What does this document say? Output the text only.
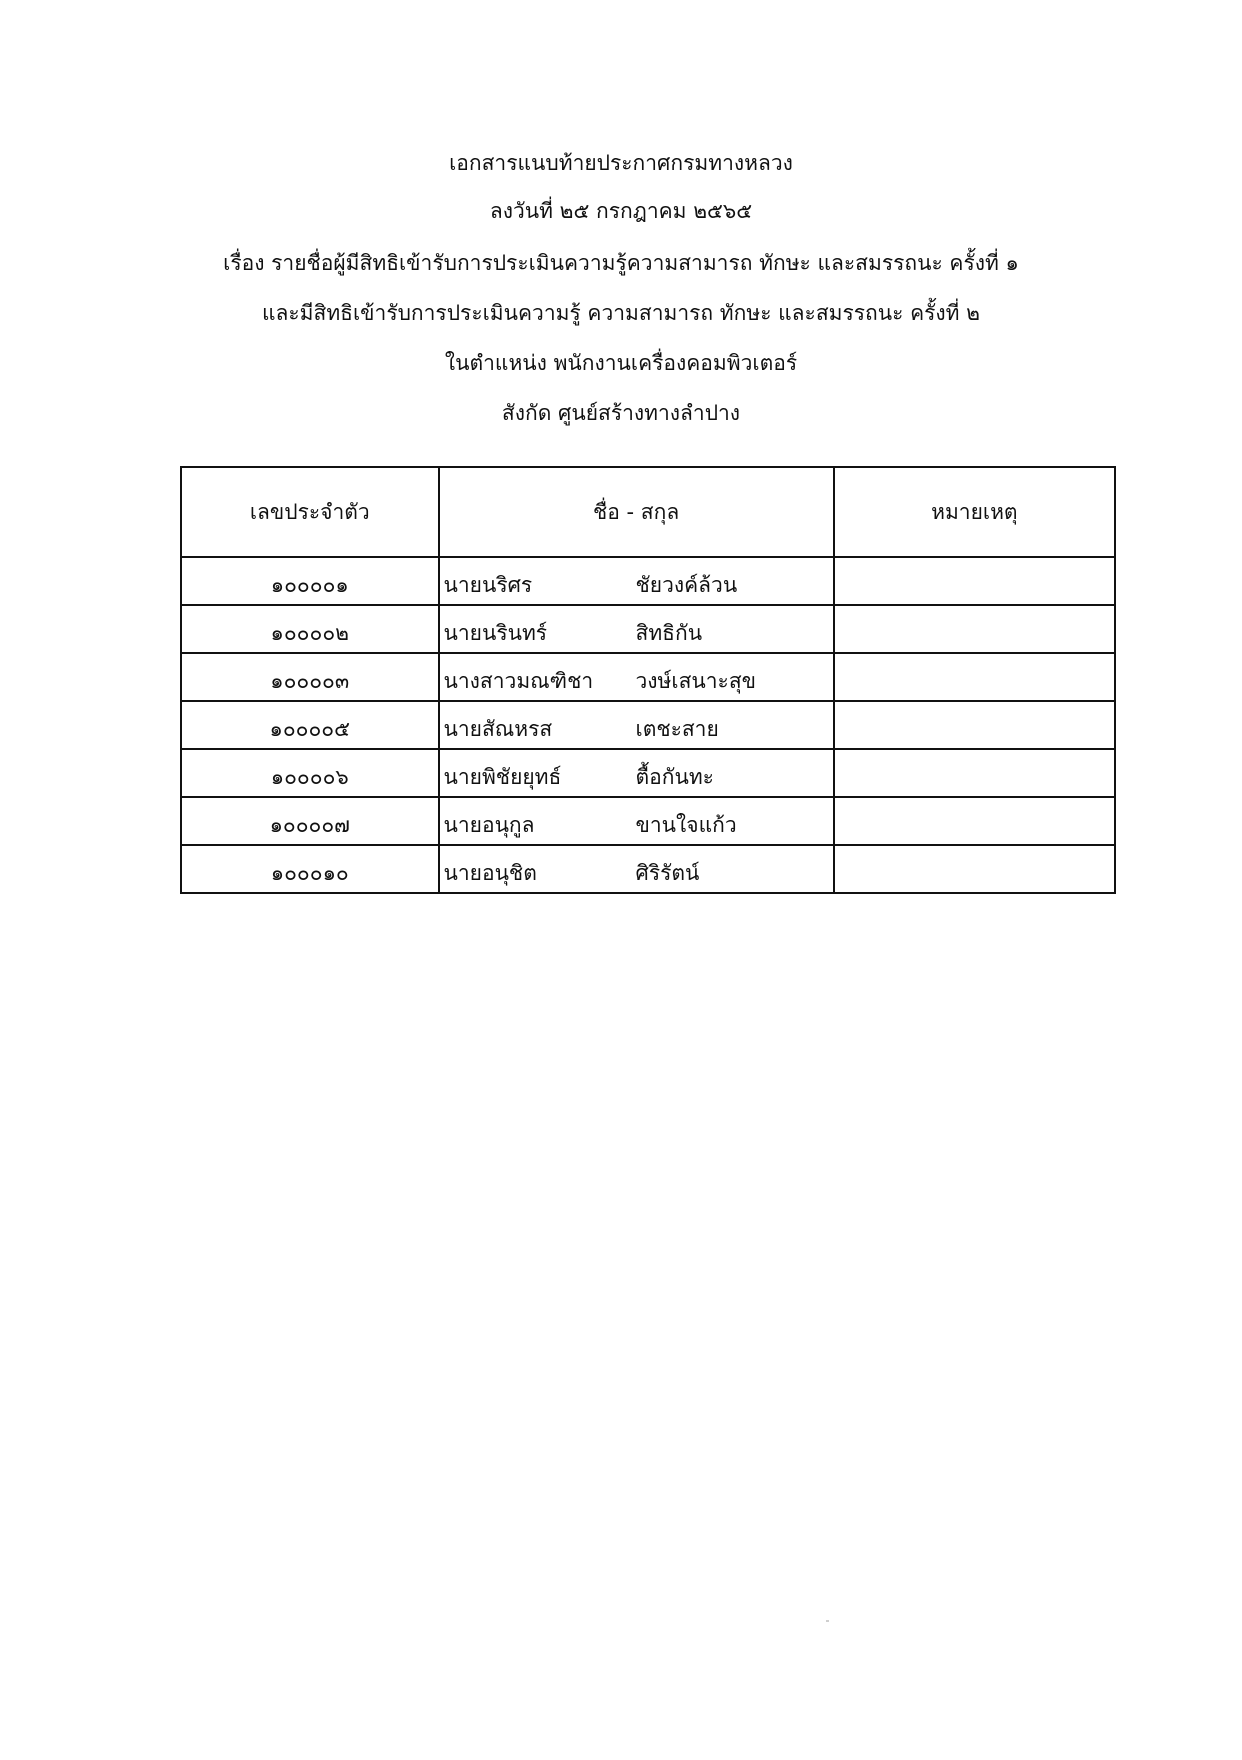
เอกสารแนบท้ายประกาศกรมทางหลวง
ลงวันที่ ๒๕ กรกฎาคม ๒๕๖๕
เรื่อง รายชื่อผู้มีสิทธิเข้ารับการประเมินความรู้ความสามารถ ทักษะ และสมรรถนะ ครั้งที่ ๑
และมีสิทธิเข้ารับการประเมินความรู้ ความสามารถ ทักษะ และสมรรถนะ ครั้งที่ ๒
ในตำแหน่ง พนักงานเครื่องคอมพิวเตอร์
สังกัด ศูนย์สร้างทางลำปาง
เลขประจำตัว	ชื่อ - สกุล	หมายเหตุ
๑๐๐๐๐๑	นายนริศร ชัยวงค์ล้วน	
๑๐๐๐๐๒	นายนรินทร์ สิทธิกัน	
๑๐๐๐๐๓	นางสาวมณฑิชา วงษ์เสนาะสุข	
๑๐๐๐๐๕	นายสัณหรส เตชะสาย	
๑๐๐๐๐๖	นายพิชัยยุทธ์ ตื้อกันทะ	
๑๐๐๐๐๗	นายอนุกูล ขานใจแก้ว	
๑๐๐๐๑๐	นายอนุชิต ศิริรัตน์	
